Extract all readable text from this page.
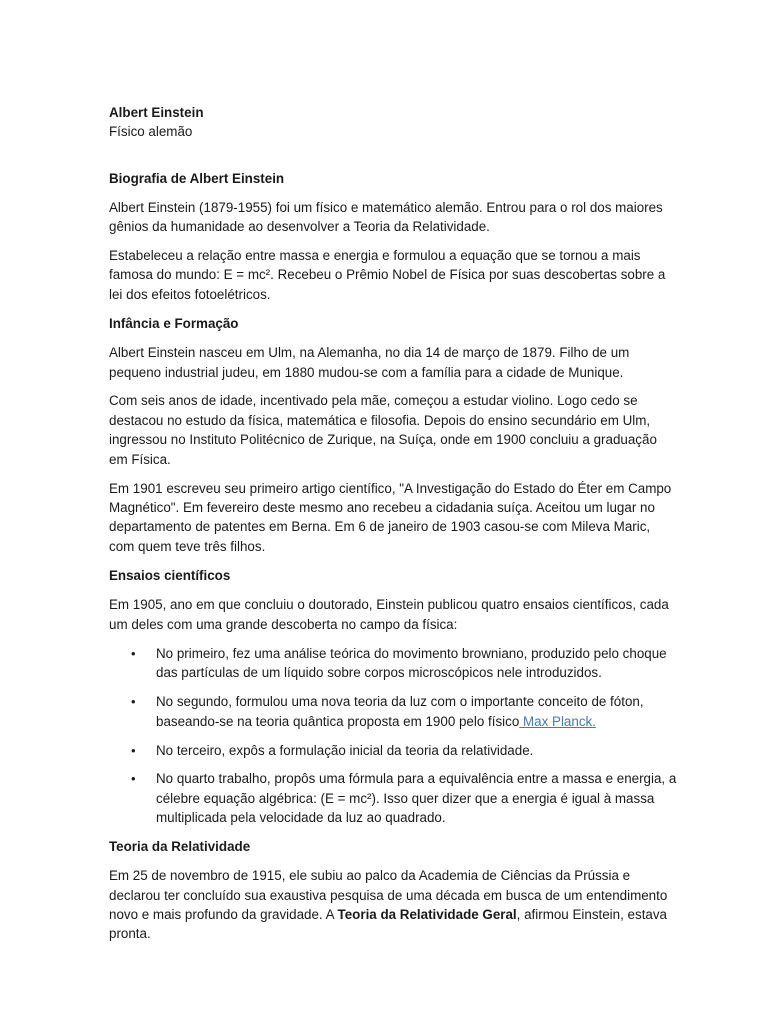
Albert Einstein

Físico alemão

Biografia de Albert Einstein

Albert Einstein (1879-1955) foi um físico e matemático alemão. Entrou para o rol dos maiores gênios da humanidade ao desenvolver a Teoria da Relatividade.

Estabeleceu a relação entre massa e energia e formulou a equação que se tornou a mais famosa do mundo: E = mc². Recebeu o Prêmio Nobel de Física por suas descobertas sobre a lei dos efeitos fotoelétricos.

Infância e Formação

Albert Einstein nasceu em Ulm, na Alemanha, no dia 14 de março de 1879. Filho de um pequeno industrial judeu, em 1880 mudou-se com a família para a cidade de Munique.

Com seis anos de idade, incentivado pela mãe, começou a estudar violino. Logo cedo se destacou no estudo da física, matemática e filosofia. Depois do ensino secundário em Ulm, ingressou no Instituto Politécnico de Zurique, na Suíça, onde em 1900 concluiu a graduação em Física.

Em 1901 escreveu seu primeiro artigo científico, "A Investigação do Estado do Éter em Campo Magnético". Em fevereiro deste mesmo ano recebeu a cidadania suíça. Aceitou um lugar no departamento de patentes em Berna. Em 6 de janeiro de 1903 casou-se com Mileva Maric, com quem teve três filhos.

Ensaios científicos

Em 1905, ano em que concluiu o doutorado, Einstein publicou quatro ensaios científicos, cada um deles com uma grande descoberta no campo da física:

• No primeiro, fez uma análise teórica do movimento browniano, produzido pelo choque das partículas de um líquido sobre corpos microscópicos nele introduzidos.
• No segundo, formulou uma nova teoria da luz com o importante conceito de fóton, baseando-se na teoria quântica proposta em 1900 pelo físico Max Planck.
• No terceiro, expôs a formulação inicial da teoria da relatividade.
• No quarto trabalho, propôs uma fórmula para a equivalência entre a massa e energia, a célebre equação algébrica: (E = mc²). Isso quer dizer que a energia é igual à massa multiplicada pela velocidade da luz ao quadrado.

Teoria da Relatividade

Em 25 de novembro de 1915, ele subiu ao palco da Academia de Ciências da Prússia e declarou ter concluído sua exaustiva pesquisa de uma década em busca de um entendimento novo e mais profundo da gravidade. A Teoria da Relatividade Geral, afirmou Einstein, estava pronta.
